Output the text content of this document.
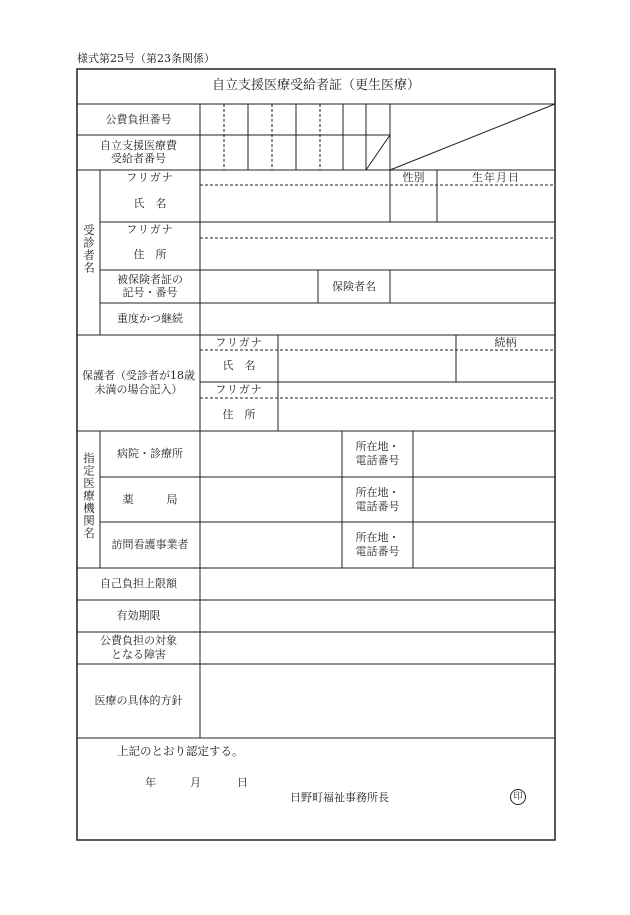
様式第25号（第23条関係）
自立支援医療受給者証（更生医療）
公費負担番号
自立支援医療費
受給者番号
受診者名
フリガナ	性別	生年月日
氏　名
フリガナ
住　所
被保険者証の
記号・番号	保険者名
重度かつ継続
保護者（受診者が18歳
未満の場合記入）
フリガナ	続柄
氏　名
フリガナ
住　所
指定医療機関名	病院・診療所
所在地・
電話番号
薬　　　局
所在地・
電話番号
訪問看護事業者
所在地・
電話番号
自己負担上限額
有効期限
公費負担の対象
となる障害
医療の具体的方針
上記のとおり認定する。
年	月	日
日野町福祉事務所長	印
